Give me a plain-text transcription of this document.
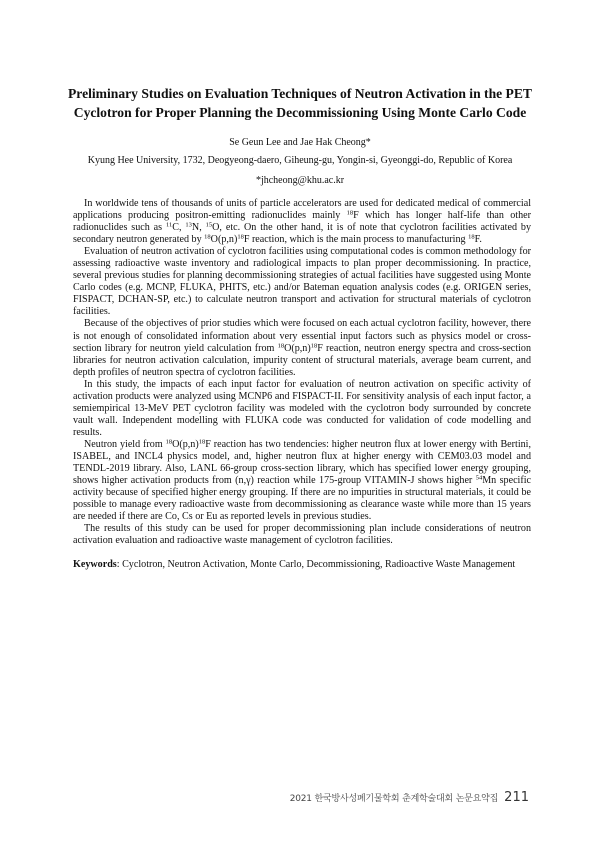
Preliminary Studies on Evaluation Techniques of Neutron Activation in the PET Cyclotron for Proper Planning the Decommissioning Using Monte Carlo Code
Se Geun Lee and Jae Hak Cheong*
Kyung Hee University, 1732, Deogyeong-daero, Giheung-gu, Yongin-si, Gyeonggi-do, Republic of Korea
*jhcheong@khu.ac.kr

In worldwide tens of thousands of units of particle accelerators are used for dedicated medical of commercial applications producing positron-emitting radionuclides mainly $^{18}$F which has longer half-life than other radionuclides such as $^{11}$C, $^{13}$N, $^{15}$O, etc. On the other hand, it is of note that cyclotron facilities activated by secondary neutron generated by $^{18}O(p,n)^{18}F$ reaction, which is the main process to manufacturing $^{18}$F.

Evaluation of neutron activation of cyclotron facilities using computational codes is common methodology for assessing radioactive waste inventory and radiological impacts to plan proper decommissioning. In practice, several previous studies for planning decommissioning strategies of actual facilities have suggested using Monte Carlo codes (e.g. MCNP, FLUKA, PHITS, etc.) and/or Bateman equation analysis codes (e.g. ORIGEN series, FISPACT, DCHAN-SP, etc.) to calculate neutron transport and activation for structural materials of cyclotron facilities.

Because of the objectives of prior studies which were focused on each actual cyclotron facility, however, there is not enough of consolidated information about very essential input factors such as physics model or cross-section library for neutron yield calculation from $^{18}O(p,n)^{18}F$ reaction, neutron energy spectra and cross-section libraries for neutron activation calculation, impurity content of structural materials, average beam current, and depth profiles of neutron spectra of cyclotron facilities.

In this study, the impacts of each input factor for evaluation of neutron activation on specific activity of activation products were analyzed using MCNP6 and FISPACT-II. For sensitivity analysis of each input factor, a semiempirical 13-MeV PET cyclotron facility was modeled with the cyclotron body surrounded by concrete vault wall. Independent modelling with FLUKA code was conducted for validation of code modelling and results.

Neutron yield from $^{18}O(p,n)^{18}F$ reaction has two tendencies: higher neutron flux at lower energy with Bertini, ISABEL, and INCL4 physics model, and, higher neutron flux at higher energy with CEM03.03 model and TENDL-2019 library. Also, LANL 66-group cross-section library, which has specified lower energy grouping, shows higher activation products from (n,γ) reaction while 175-group VITAMIN-J shows higher $^{54}$Mn specific activity because of specified higher energy grouping. If there are no impurities in structural materials, it could be possible to manage every radioactive waste from decommissioning as clearance waste while more than 15 years are needed if there are Co, Cs or Eu as reported levels in previous studies.

The results of this study can be used for proper decommissioning plan include considerations of neutron activation evaluation and radioactive waste management of cyclotron facilities.

Keywords: Cyclotron, Neutron Activation, Monte Carlo, Decommissioning, Radioactive Waste Management

2021 한국방사성폐기물학회 춘계학술대회 논문요약집 211
